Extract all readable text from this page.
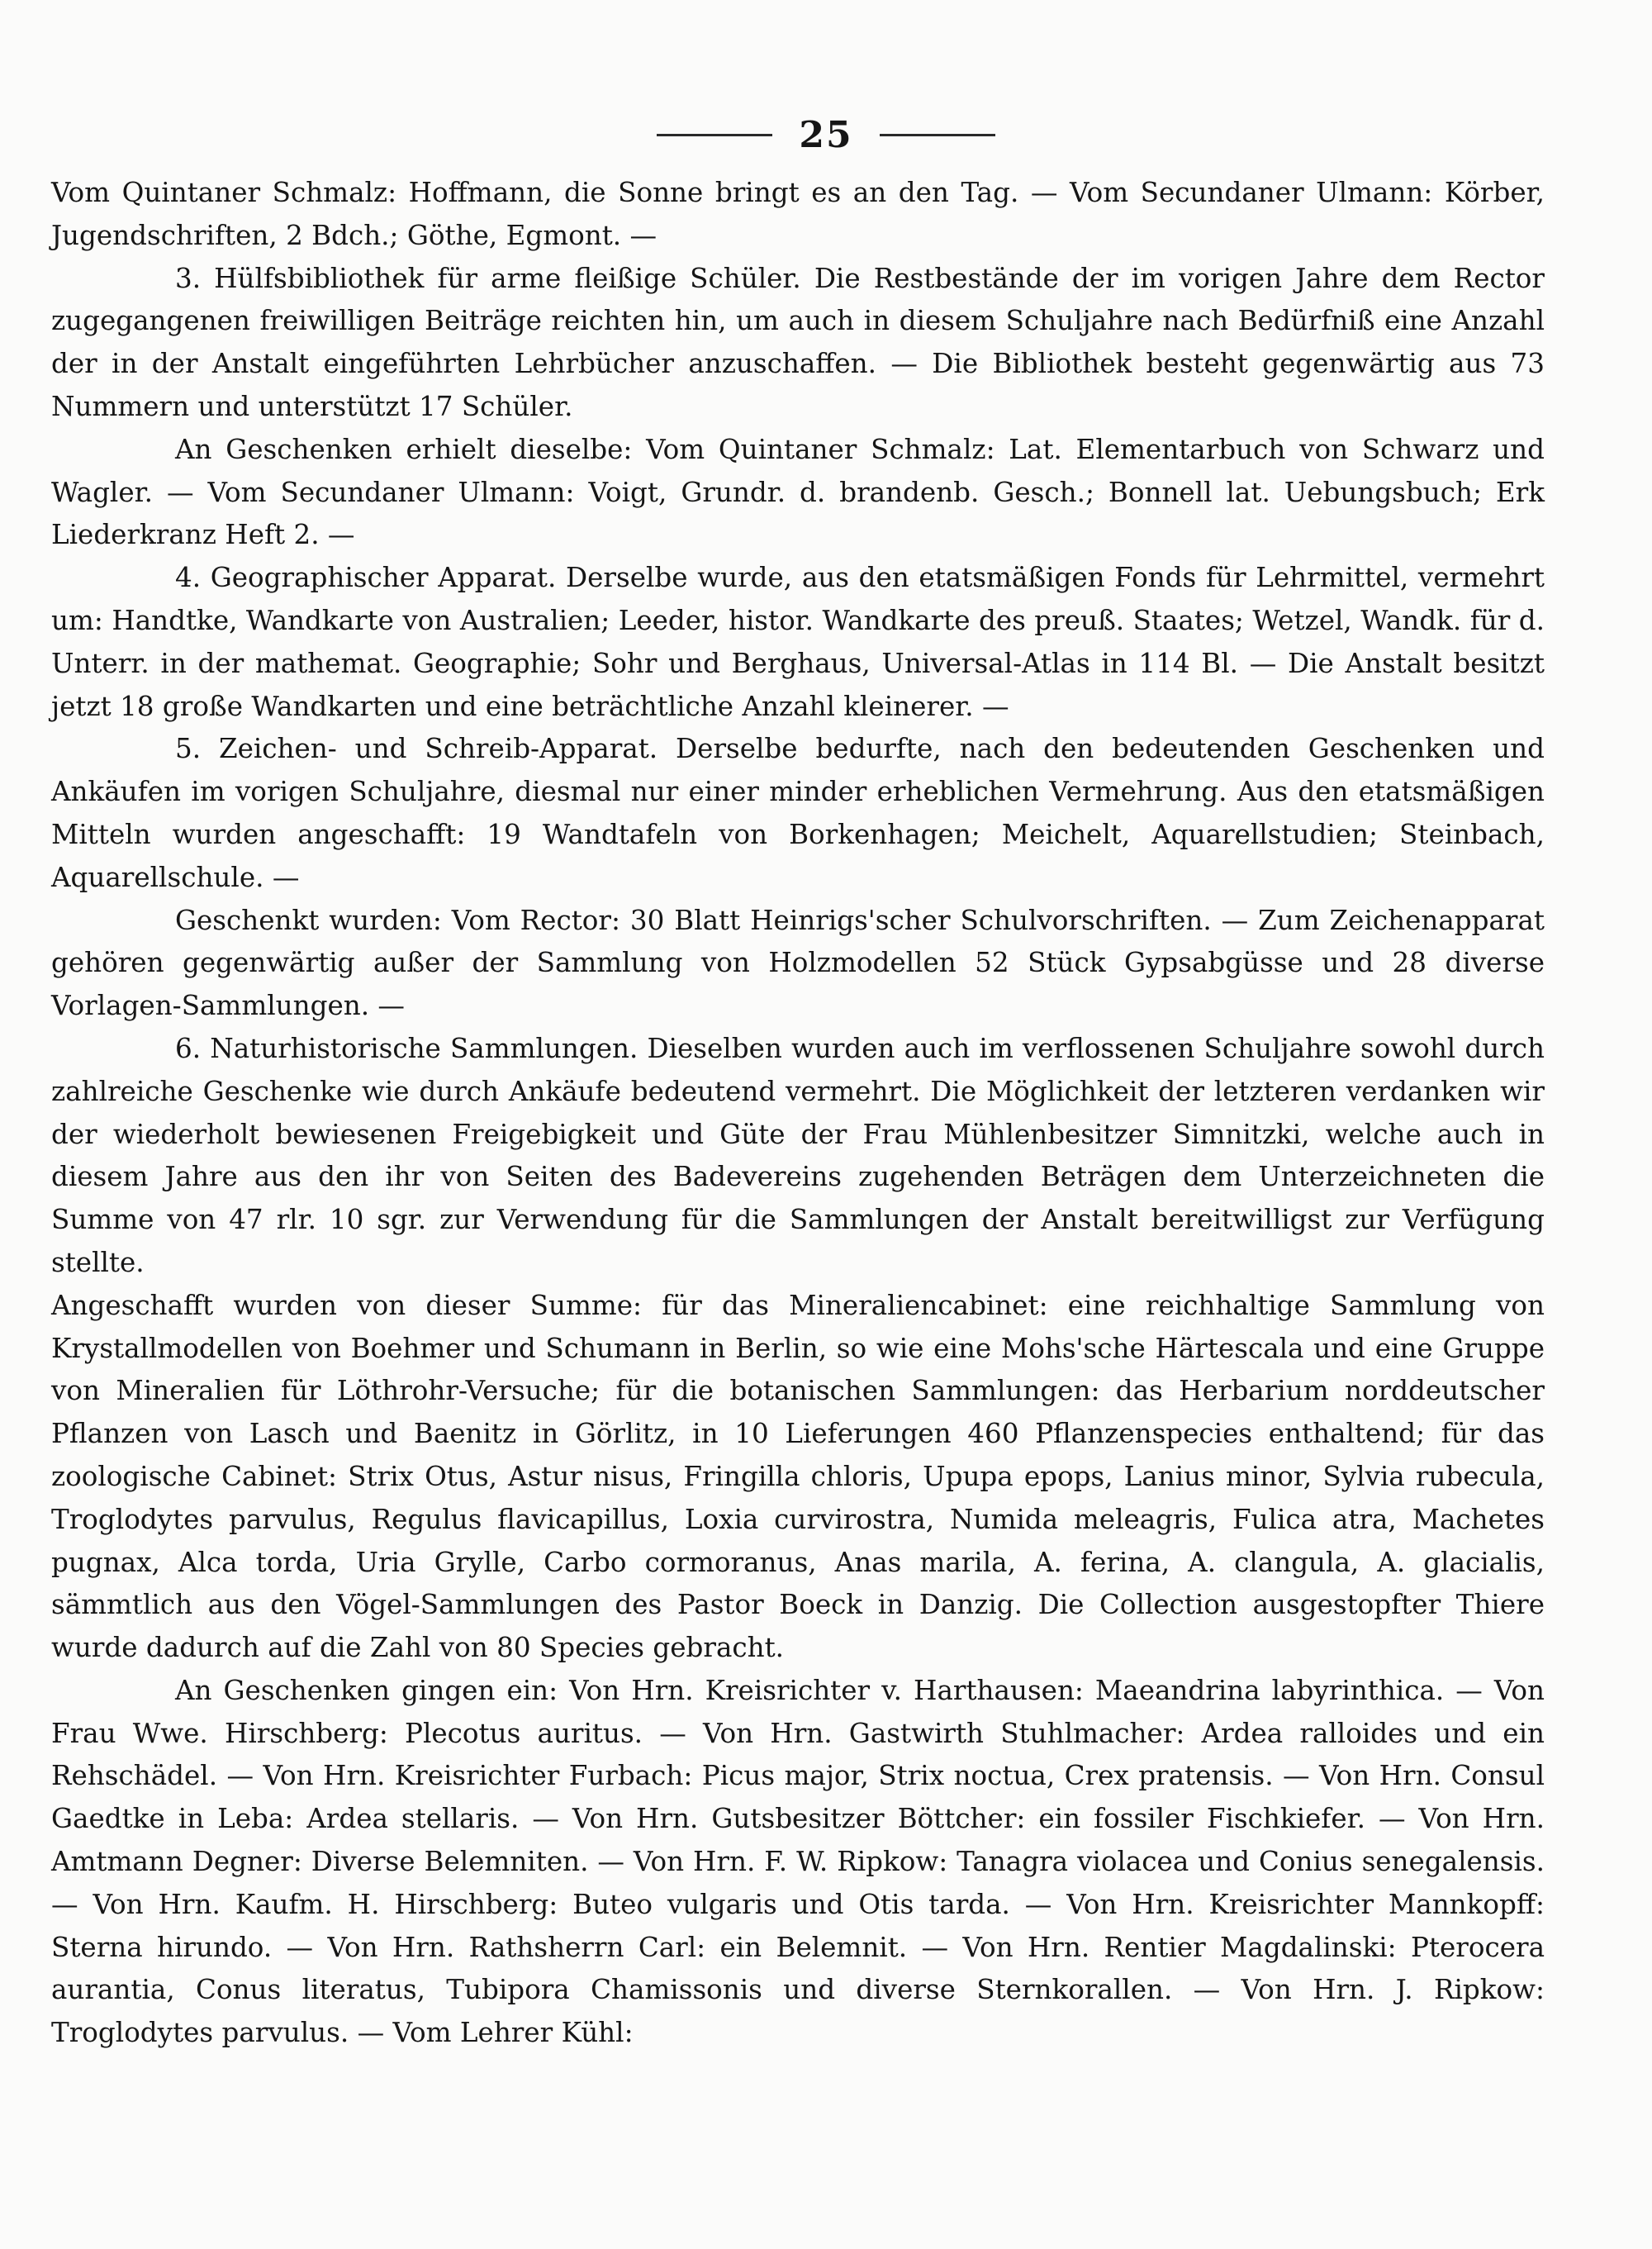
25

Vom Quintaner Schmalz: Hoffmann, die Sonne bringt es an den Tag. — Vom Secundaner Ulmann: Körber, Jugendschriften, 2 Bdch.; Göthe, Egmont. —

3. Hülfsbibliothek für arme fleißige Schüler. Die Restbestände der im vorigen Jahre dem Rector zugegangenen freiwilligen Beiträge reichten hin, um auch in diesem Schuljahre nach Bedürfniß eine Anzahl der in der Anstalt eingeführten Lehrbücher anzuschaffen. — Die Bibliothek besteht gegenwärtig aus 73 Nummern und unterstützt 17 Schüler.

An Geschenken erhielt dieselbe: Vom Quintaner Schmalz: Lat. Elementarbuch von Schwarz und Wagler. — Vom Secundaner Ulmann: Voigt, Grundr. d. brandenb. Gesch.; Bonnell lat. Uebungsbuch; Erk Liederkranz Heft 2. —

4. Geographischer Apparat. Derselbe wurde, aus den etatsmäßigen Fonds für Lehrmittel, vermehrt um: Handtke, Wandkarte von Australien; Leeder, histor. Wandkarte des preuß. Staates; Wetzel, Wandk. für d. Unterr. in der mathemat. Geographie; Sohr und Berghaus, Universal-Atlas in 114 Bl. — Die Anstalt besitzt jetzt 18 große Wandkarten und eine beträchtliche Anzahl kleinerer. —

5. Zeichen- und Schreib-Apparat. Derselbe bedurfte, nach den bedeutenden Geschenken und Ankäufen im vorigen Schuljahre, diesmal nur einer minder erheblichen Vermehrung. Aus den etatsmäßigen Mitteln wurden angeschafft: 19 Wandtafeln von Borkenhagen; Meichelt, Aquarellstudien; Steinbach, Aquarellschule. —

Geschenkt wurden: Vom Rector: 30 Blatt Heinrigs'scher Schulvorschriften. — Zum Zeichenapparat gehören gegenwärtig außer der Sammlung von Holzmodellen 52 Stück Gypsabgüsse und 28 diverse Vorlagen-Sammlungen. —

6. Naturhistorische Sammlungen. Dieselben wurden auch im verflossenen Schuljahre sowohl durch zahlreiche Geschenke wie durch Ankäufe bedeutend vermehrt. Die Möglichkeit der letzteren verdanken wir der wiederholt bewiesenen Freigebigkeit und Güte der Frau Mühlenbesitzer Simnitzki, welche auch in diesem Jahre aus den ihr von Seiten des Badevereins zugehenden Beträgen dem Unterzeichneten die Summe von 47 rlr. 10 sgr. zur Verwendung für die Sammlungen der Anstalt bereitwilligst zur Verfügung stellte.

Angeschafft wurden von dieser Summe: für das Mineraliencabinet: eine reichhaltige Sammlung von Krystallmodellen von Boehmer und Schumann in Berlin, so wie eine Mohs'sche Härtescala und eine Gruppe von Mineralien für Löthrohr-Versuche; für die botanischen Sammlungen: das Herbarium norddeutscher Pflanzen von Lasch und Baenitz in Görlitz, in 10 Lieferungen 460 Pflanzenspecies enthaltend; für das zoologische Cabinet: Strix Otus, Astur nisus, Fringilla chloris, Upupa epops, Lanius minor, Sylvia rubecula, Troglodytes parvulus, Regulus flavicapillus, Loxia curvirostra, Numida meleagris, Fulica atra, Machetes pugnax, Alca torda, Uria Grylle, Carbo cormoranus, Anas marila, A. ferina, A. clangula, A. glacialis, sämmtlich aus den Vögel-Sammlungen des Pastor Boeck in Danzig. Die Collection ausgestopfter Thiere wurde dadurch auf die Zahl von 80 Species gebracht.

An Geschenken gingen ein: Von Hrn. Kreisrichter v. Harthausen: Maeandrina labyrinthica. — Von Frau Wwe. Hirschberg: Plecotus auritus. — Von Hrn. Gastwirth Stuhlmacher: Ardea ralloides und ein Rehschädel. — Von Hrn. Kreisrichter Furbach: Picus major, Strix noctua, Crex pratensis. — Von Hrn. Consul Gaedtke in Leba: Ardea stellaris. — Von Hrn. Gutsbesitzer Böttcher: ein fossiler Fischkiefer. — Von Hrn. Amtmann Degner: Diverse Belemniten. — Von Hrn. F. W. Ripkow: Tanagra violacea und Conius senegalensis. — Von Hrn. Kaufm. H. Hirschberg: Buteo vulgaris und Otis tarda. — Von Hrn. Kreisrichter Mannkopff: Sterna hirundo. — Von Hrn. Rathsherrn Carl: ein Belemnit. — Von Hrn. Rentier Magdalinski: Pterocera aurantia, Conus literatus, Tubipora Chamissonis und diverse Sternkorallen. — Von Hrn. J. Ripkow: Troglodytes parvulus. — Vom Lehrer Kühl:
